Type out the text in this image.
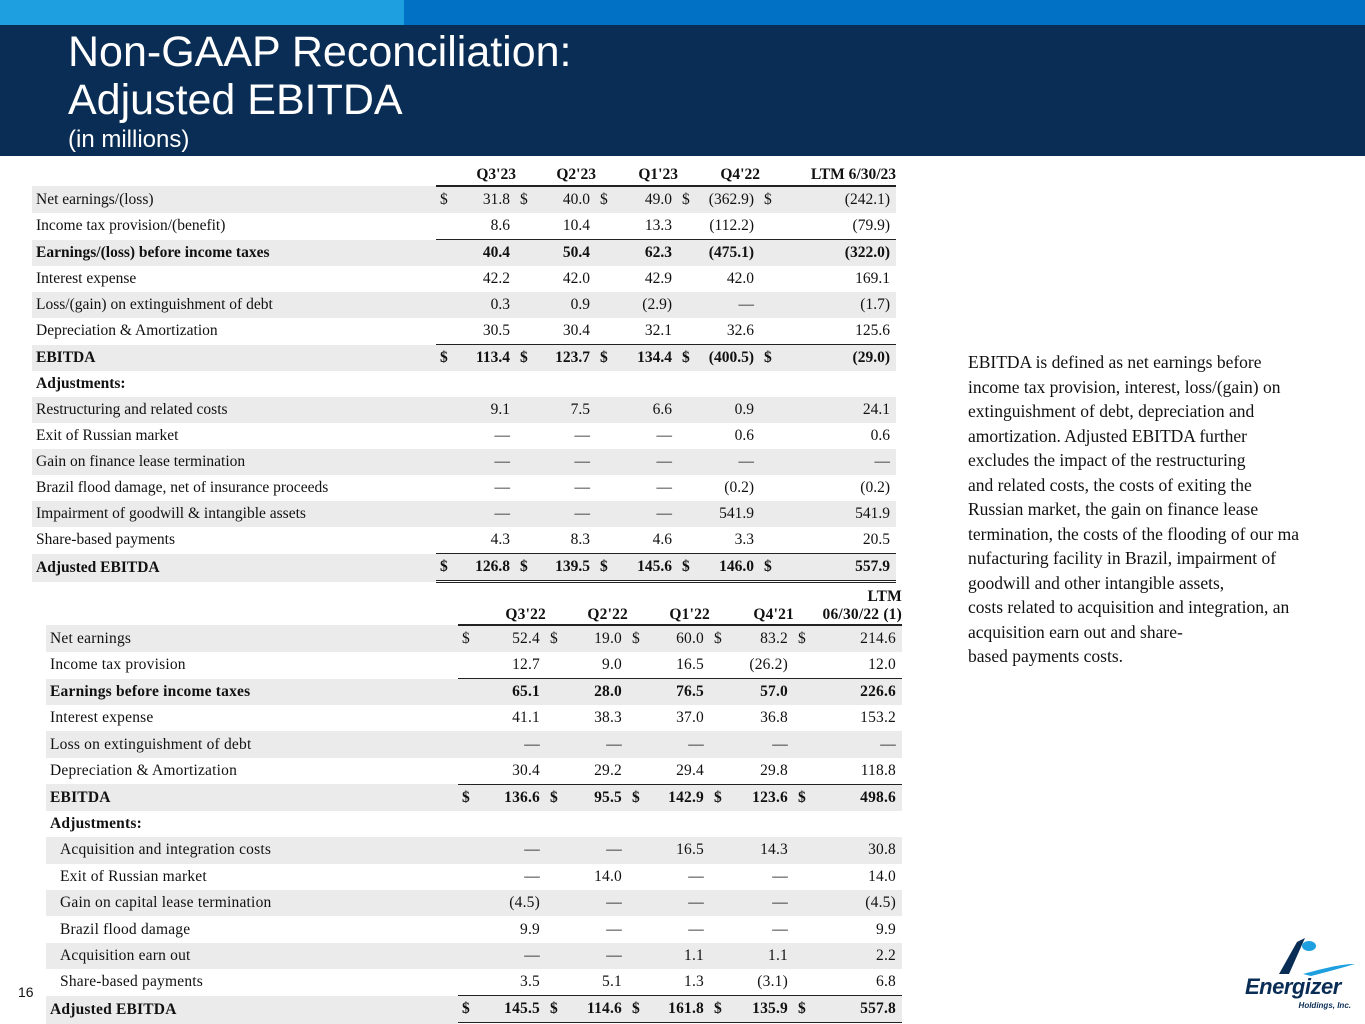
Non-GAAP Reconciliation:
Adjusted EBITDA
(in millions)
	Q3'23		Q2'23		Q1'23		Q4'22		LTM 6/30/23	
Net earnings/(loss)	$	31.8	$	40.0	$	49.0	$	(362.9)	$	(242.1)
Income tax provision/(benefit)		8.6		10.4		13.3		(112.2)		(79.9)
Earnings/(loss) before income taxes		40.4		50.4		62.3		(475.1)		(322.0)
Interest expense		42.2		42.0		42.9		42.0		169.1
Loss/(gain) on extinguishment of debt		0.3		0.9		(2.9)		—		(1.7)
Depreciation & Amortization		30.5		30.4		32.1		32.6		125.6
EBITDA	$	113.4	$	123.7	$	134.4	$	(400.5)	$	(29.0)
Adjustments:										
Restructuring and related costs		9.1		7.5		6.6		0.9		24.1
Exit of Russian market		—		—		—		0.6		0.6
Gain on finance lease termination		—		—		—		—		—
Brazil flood damage, net of insurance proceeds		—		—		—		(0.2)		(0.2)
Impairment of goodwill & intangible assets		—		—		—		541.9		541.9
Share-based payments		4.3		8.3		4.6		3.3		20.5
Adjusted EBITDA	$	126.8	$	139.5	$	145.6	$	146.0	$	557.9
	Q3'22		Q2'22		Q1'22		Q4'21		LTM
06/30/22 (1)	

Net earnings	$	52.4	$	19.0	$	60.0	$	83.2	$	214.6
Income tax provision		12.7		9.0		16.5		(26.2)		12.0
Earnings before income taxes		65.1		28.0		76.5		57.0		226.6
Interest expense		41.1		38.3		37.0		36.8		153.2
Loss on extinguishment of debt		—		—		—		—		—
Depreciation & Amortization		30.4		29.2		29.4		29.8		118.8
EBITDA	$	136.6	$	95.5	$	142.9	$	123.6	$	498.6
Adjustments:										
Acquisition and integration costs		—		—		16.5		14.3		30.8
Exit of Russian market		—		14.0		—		—		14.0
Gain on capital lease termination		(4.5)		—		—		—		(4.5)
Brazil flood damage		9.9		—		—		—		9.9
Acquisition earn out		—		—		1.1		1.1		2.2
Share-based payments		3.5		5.1		1.3		(3.1)		6.8
Adjusted EBITDA	$	145.5	$	114.6	$	161.8	$	135.9	$	557.8
EBITDA is defined as net earnings before
income tax provision, interest, loss/(gain) on
extinguishment of debt, depreciation and
amortization. Adjusted EBITDA further
excludes the impact of the restructuring
and related costs, the costs of exiting the
Russian market, the gain on finance lease
termination, the costs of the flooding of our ma
nufacturing facility in Brazil, impairment of
goodwill and other intangible assets,
costs related to acquisition and integration, an
acquisition earn out and share-
based payments costs.
16	Energizer
Holdings, Inc.
